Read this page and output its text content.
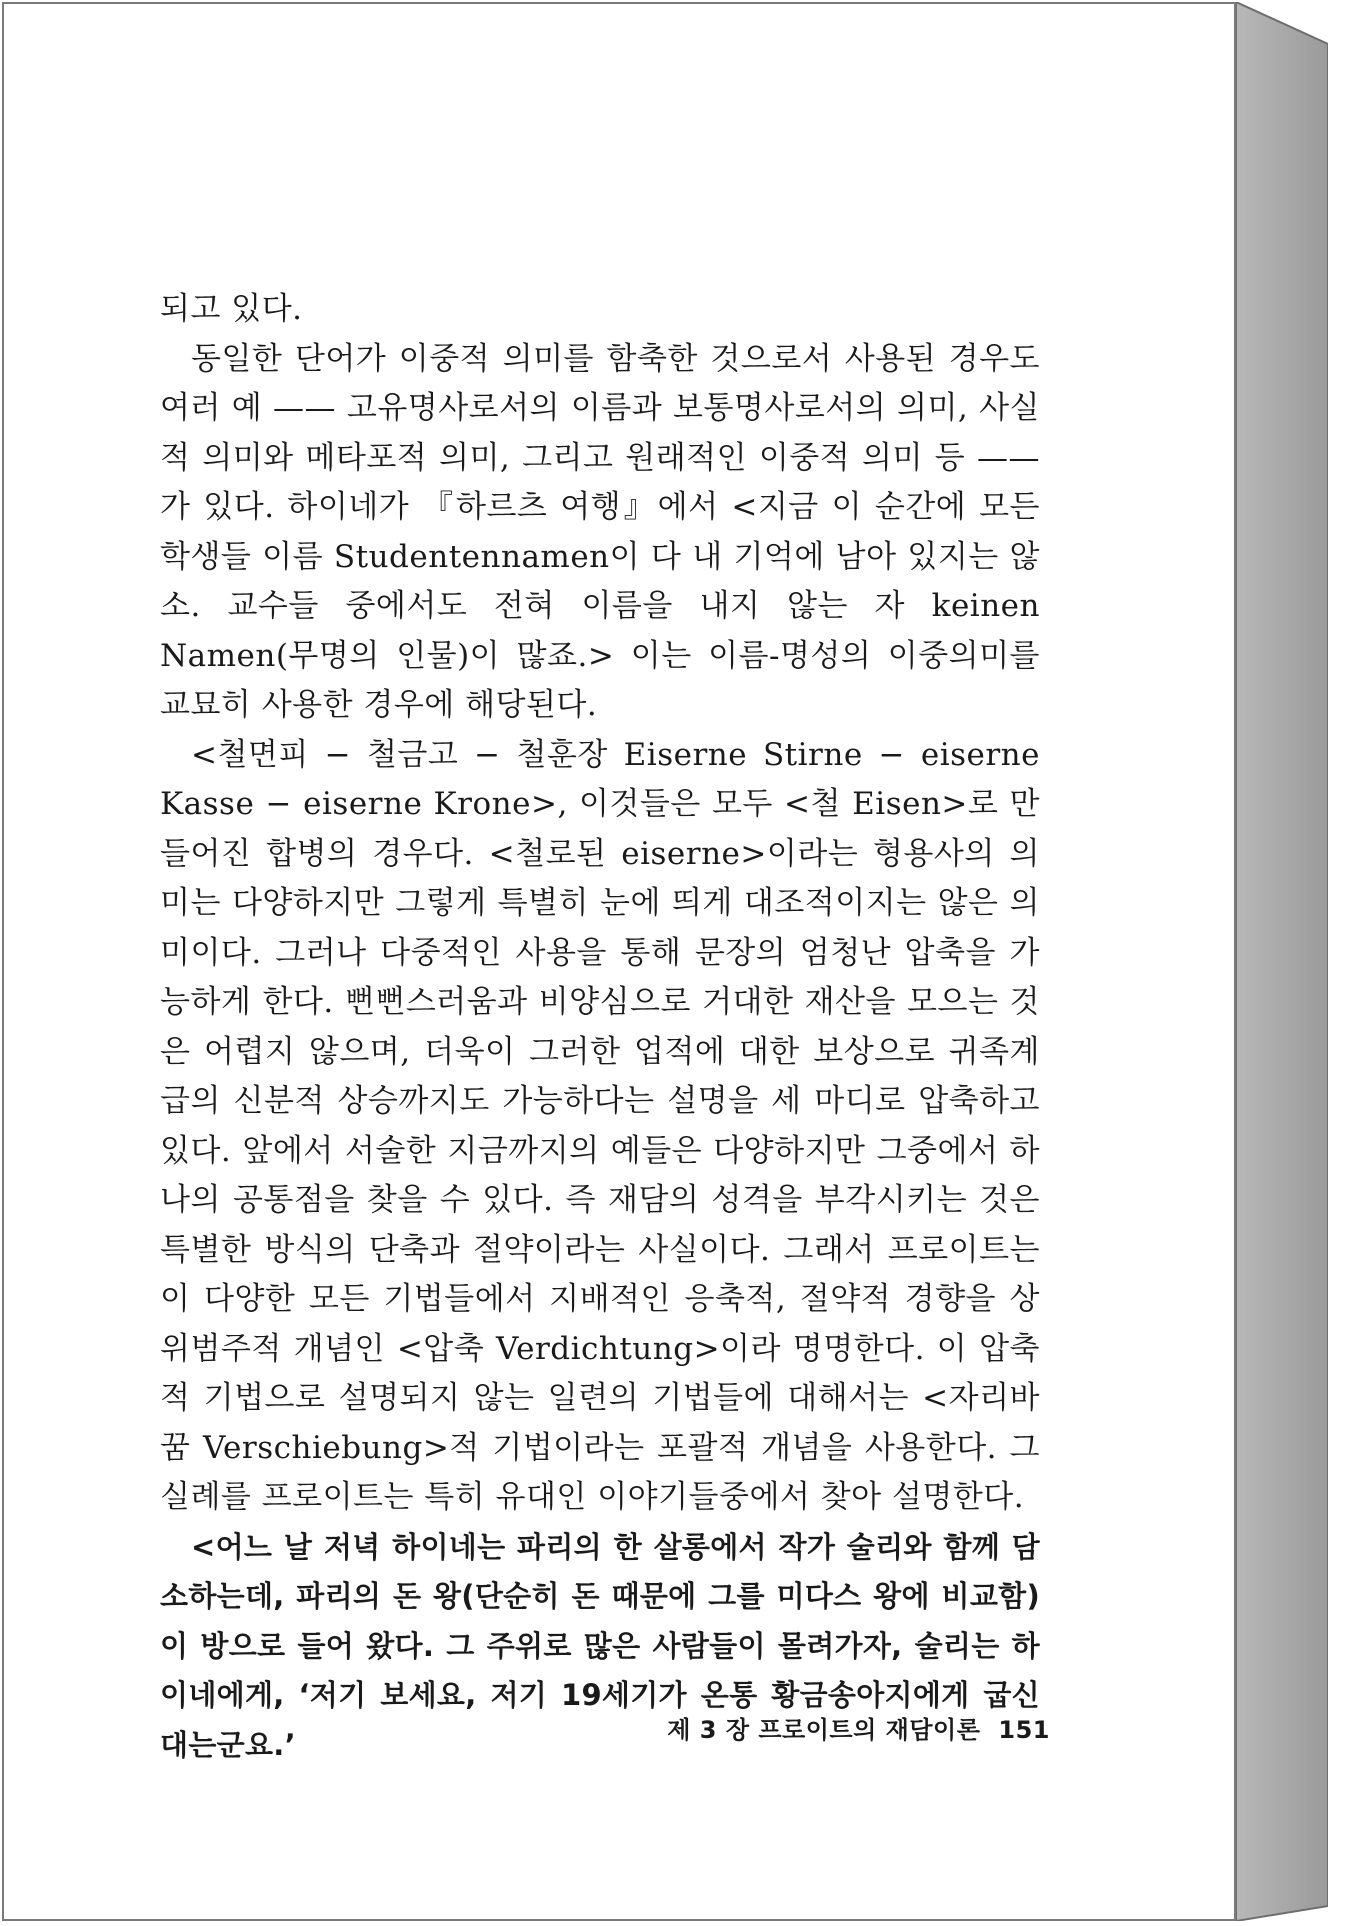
되고 있다.

동일한 단어가 이중적 의미를 함축한 것으로서 사용된 경우도 여러 예 —— 고유명사로서의 이름과 보통명사로서의 의미, 사실적 의미와 메타포적 의미, 그리고 원래적인 이중적 의미 등 —— 가 있다. 하이네가 『하르츠 여행』에서 <지금 이 순간에 모든 학생들 이름 Studentennamen이 다 내 기억에 남아 있지는 않소. 교수들 중에서도 전혀 이름을 내지 않는 자 keinen Namen(무명의 인물)이 많죠.> 이는 이름-명성의 이중의미를 교묘히 사용한 경우에 해당된다.

<철면피 − 철금고 − 철훈장 Eiserne Stirne − eiserne Kasse − eiserne Krone>, 이것들은 모두 <철 Eisen>로 만들어진 합병의 경우다. <철로된 eiserne>이라는 형용사의 의미는 다양하지만 그렇게 특별히 눈에 띄게 대조적이지는 않은 의미이다. 그러나 다중적인 사용을 통해 문장의 엄청난 압축을 가능하게 한다. 뻔뻔스러움과 비양심으로 거대한 재산을 모으는 것은 어렵지 않으며, 더욱이 그러한 업적에 대한 보상으로 귀족계급의 신분적 상승까지도 가능하다는 설명을 세 마디로 압축하고 있다. 앞에서 서술한 지금까지의 예들은 다양하지만 그중에서 하나의 공통점을 찾을 수 있다. 즉 재담의 성격을 부각시키는 것은 특별한 방식의 단축과 절약이라는 사실이다. 그래서 프로이트는 이 다양한 모든 기법들에서 지배적인 응축적, 절약적 경향을 상위범주적 개념인 <압축 Verdichtung>이라 명명한다. 이 압축적 기법으로 설명되지 않는 일련의 기법들에 대해서는 <자리바꿈 Verschiebung>적 기법이라는 포괄적 개념을 사용한다. 그 실례를 프로이트는 특히 유대인 이야기들중에서 찾아 설명한다.

<어느 날 저녁 하이네는 파리의 한 살롱에서 작가 술리와 함께 담소하는데, 파리의 돈 왕(단순히 돈 때문에 그를 미다스 왕에 비교함)이 방으로 들어 왔다. 그 주위로 많은 사람들이 몰려가자, 술리는 하이네에게, ‘저기 보세요, 저기 19세기가 온통 황금송아지에게 굽신대는군요.’	제 3 장 프로이트의 재담이론 151
